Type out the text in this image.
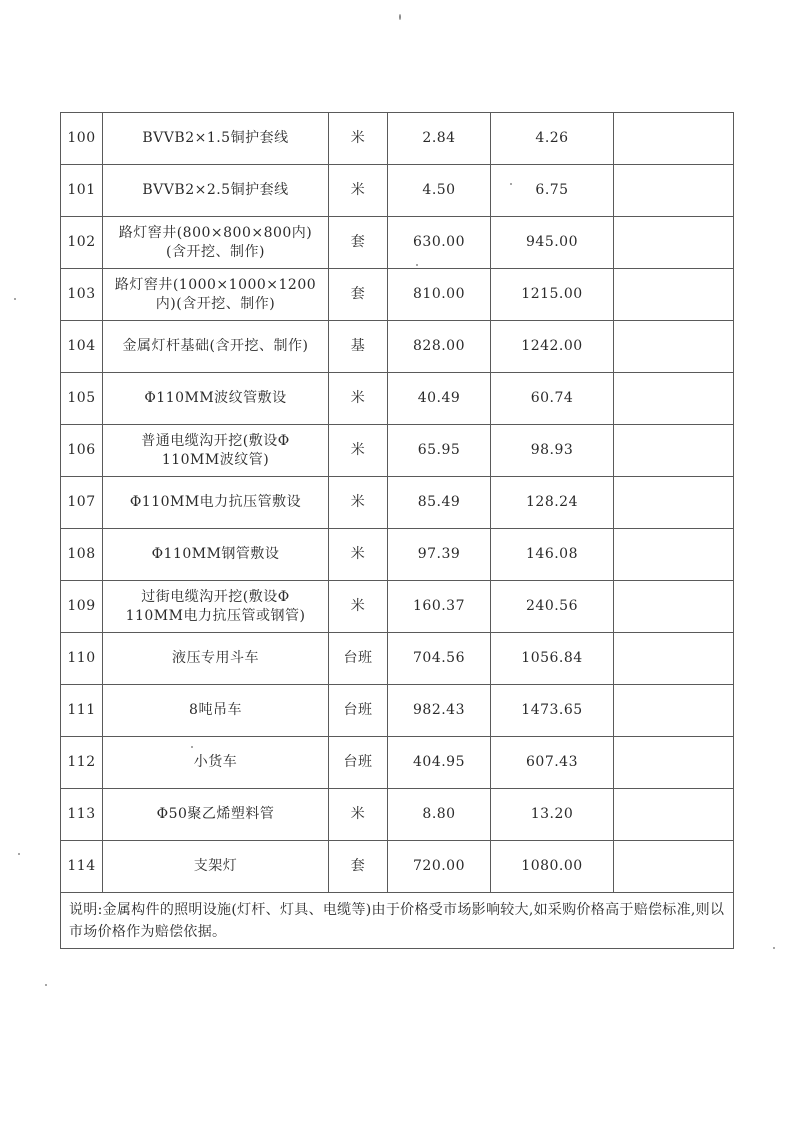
100	BVVB2×1.5铜护套线	米	2.84	4.26	
101	BVVB2×2.5铜护套线	米	4.50	6.75	
102	路灯窖井(800×800×800内)
(含开挖、制作)	套	630.00	945.00	
103	路灯窖井(1000×1000×1200
内)(含开挖、制作)	套	810.00	1215.00	
104	金属灯杆基础(含开挖、制作)	基	828.00	1242.00	
105	Φ110MM波纹管敷设	米	40.49	60.74	
106	普通电缆沟开挖(敷设Φ
110MM波纹管)	米	65.95	98.93	
107	Φ110MM电力抗压管敷设	米	85.49	128.24	
108	Φ110MM钢管敷设	米	97.39	146.08	
109	过街电缆沟开挖(敷设Φ
110MM电力抗压管或钢管)	米	160.37	240.56	
110	液压专用斗车	台班	704.56	1056.84	
111	8吨吊车	台班	982.43	1473.65	
112	小货车	台班	404.95	607.43	
113	Φ50聚乙烯塑料管	米	8.80	13.20	
114	支架灯	套	720.00	1080.00	
说明:金属构件的照明设施(灯杆、灯具、电缆等)由于价格受市场影响较大,如采购价格高于赔偿标准,则以市场价格作为赔偿依据。					
